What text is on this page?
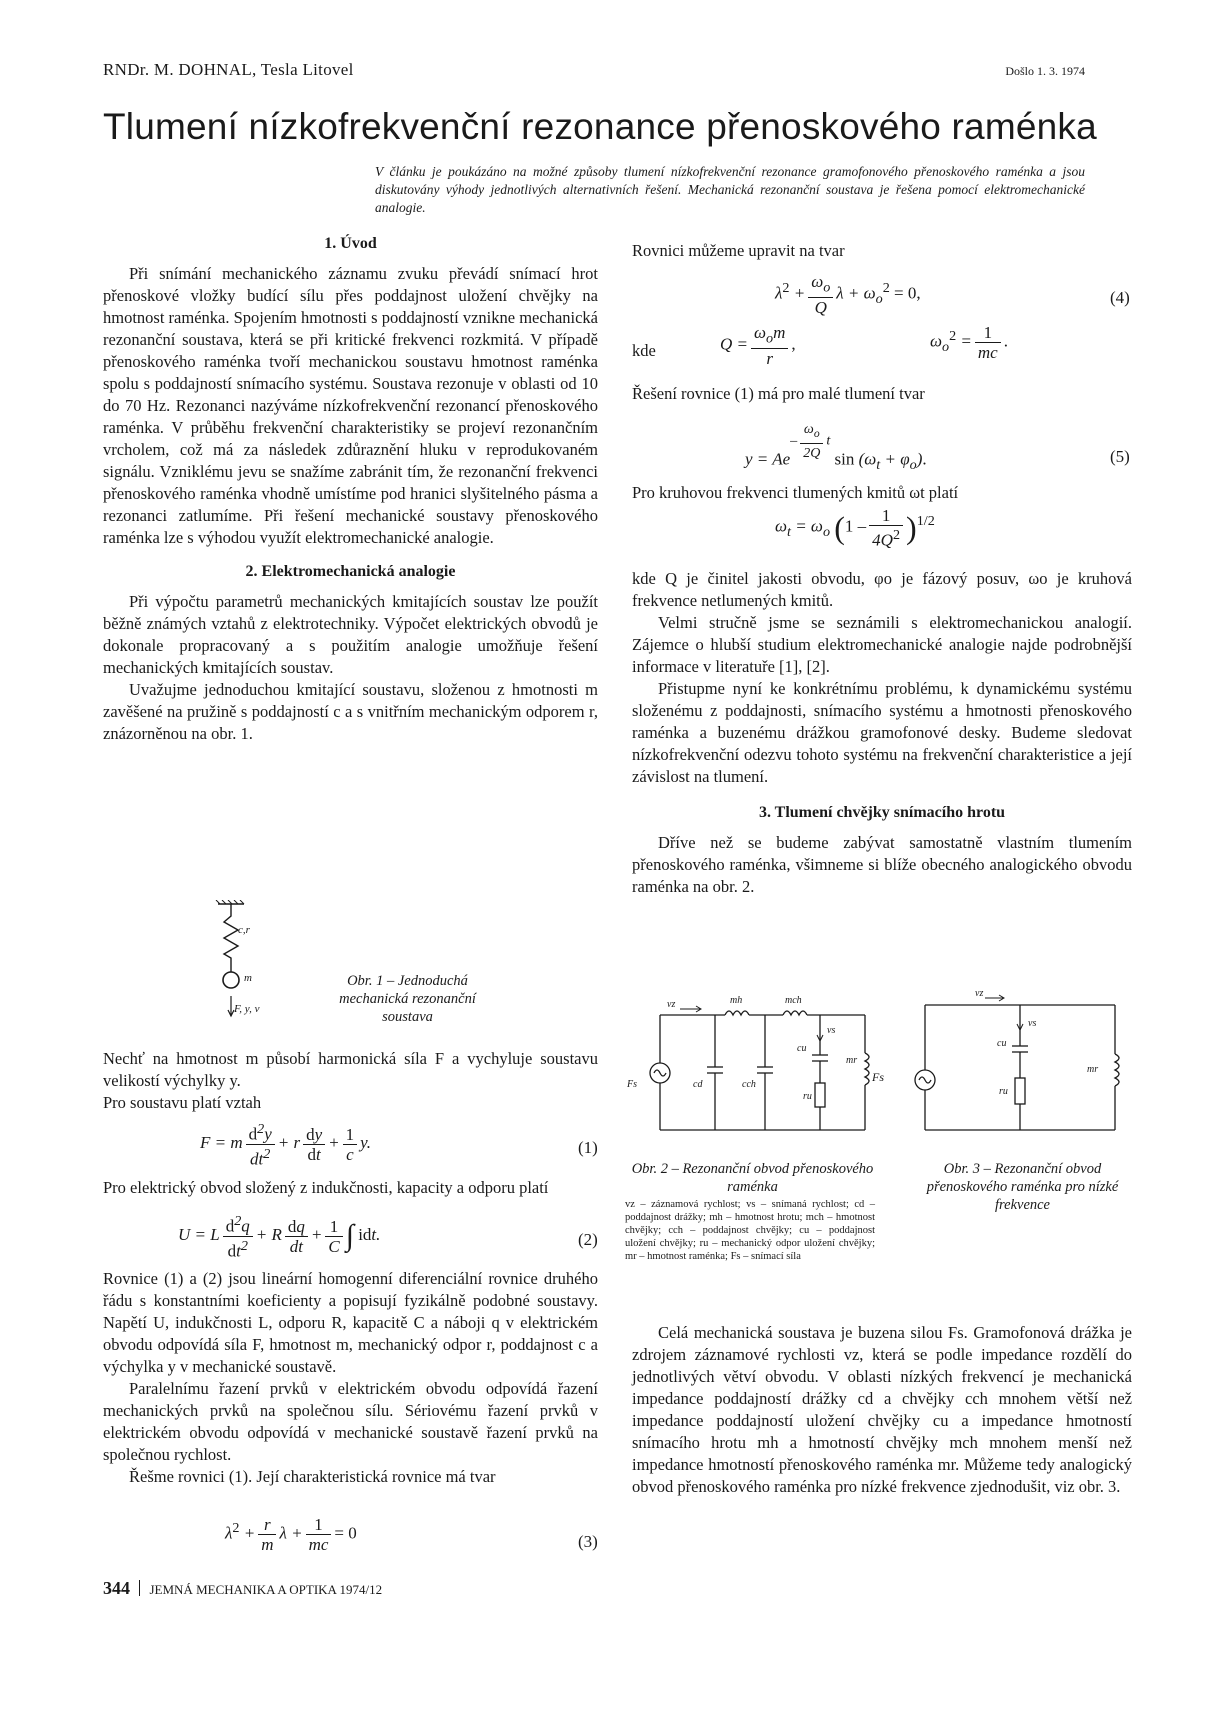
RNDr. M. DOHNAL, Tesla Litovel	Došlo 1. 3. 1974
Tlumení nízkofrekvenční rezonance přenoskového raménka
V článku je poukázáno na možné způsoby tlumení nízkofrekvenční rezonance gramofonového přenoskového raménka a jsou diskutovány výhody jednotlivých alternativních řešení. Mechanická rezonanční soustava je řešena pomocí elektromechanické analogie.
1. Úvod

Při snímání mechanického záznamu zvuku převádí snímací hrot přenoskové vložky budící sílu přes poddajnost uložení chvějky na hmotnost raménka. Spojením hmotnosti s poddajností vznikne mechanická rezonanční soustava, která se při kritické frekvenci rozkmitá. V případě přenoskového raménka tvoří mechanickou soustavu hmotnost raménka spolu s poddajností snímacího systému. Soustava rezonuje v oblasti od 10 do 70 Hz. Rezonanci nazýváme nízkofrekvenční rezonancí přenoskového raménka. V průběhu frekvenční charakteristiky se projeví rezonančním vrcholem, což má za následek zdůraznění hluku v reprodukovaném signálu. Vzniklému jevu se snažíme zabránit tím, že rezonanční frekvenci přenoskového raménka vhodně umístíme pod hranici slyšitelného pásma a rezonanci zatlumíme. Při řešení mechanické soustavy přenoskového raménka lze s výhodou využít elektromechanické analogie.

2. Elektromechanická analogie

Při výpočtu parametrů mechanických kmitajících soustav lze použít běžně známých vztahů z elektrotechniky. Výpočet elektrických obvodů je dokonale propracovaný a s použitím analogie umožňuje řešení mechanických kmitajících soustav.

Uvažujme jednoduchou kmitající soustavu, složenou z hmotnosti m zavěšené na pružině s poddajností c a s vnitřním mechanickým odporem r, znázorněnou na obr. 1.

c,r
m
F, y, v
Obr. 1 – Jednoduchá mechanická rezonanční soustava

Nechť na hmotnost m působí harmonická síla F a vychyluje soustavu velikostí výchylky y.

Pro soustavu platí vztah

F = m $\frac{d^2y}{dt^2} + r \frac{dy}{dt} + \frac{1}{c} y$.	(1)

Pro elektrický obvod složený z indukčnosti, kapacity a odporu platí

U = L $\frac{d^2q}{dt^2} + R \frac{dq}{dt} + \frac{1}{C}$ ∫ idt.	(2)

Rovnice (1) a (2) jsou lineární homogenní diferenciální rovnice druhého řádu s konstantními koeficienty a popisují fyzikálně podobné soustavy. Napětí U, indukčnosti L, odporu R, kapacitě C a náboji q v elektrickém obvodu odpovídá síla F, hmotnost m, mechanický odpor r, poddajnost c a výchylka y v mechanické soustavě.

Paralelnímu řazení prvků v elektrickém obvodu odpovídá řazení mechanických prvků na společnou sílu. Sériovému řazení prvků v elektrickém obvodu odpovídá v mechanické soustavě řazení prvků na společnou rychlost.

Řešme rovnici (1). Její charakteristická rovnice má tvar

$\lambda^2 + \frac{r}{m}$ $\lambda + \frac{1}{mc} = 0$	(3)

Rovnici můžeme upravit na tvar

$\lambda^2 + \frac{\omega_o}{Q}$ $\lambda + \omega_o^2 = 0$,	(4)
kde	$Q = \frac{\omega_om}{r}$ ,	$\omega_o^2 = \frac{1}{mc}$ .

Řešení rovnice (1) má pro malé tlumení tvar

$y = Ae^{- \frac{\omega_o}{2Q} t}$ $\sin (\omega_t + \varphi_o)$.	(5)

Pro kruhovou frekvenci tlumených kmitů ωt platí

$\omega_t = \omega_o$ $(1 - \frac{1}{4Q^2} )^{1/2}$

kde Q je činitel jakosti obvodu, φo je fázový posuv, ωo je kruhová frekvence netlumených kmitů.

Velmi stručně jsme se seznámili s elektromechanickou analogií. Zájemce o hlubší studium elektromechanické analogie najde podrobnější informace v literatuře [1], [2].

Přistupme nyní ke konkrétnímu problému, k dynamickému systému složenému z poddajnosti, snímacího systému a hmotnosti přenoskového raménka a buzenému drážkou gramofonové desky. Budeme sledovat nízkofrekvenční odezvu tohoto systému na frekvenční charakteristice a její závislost na tlumení.

3. Tlumení chvějky snímacího hrotu

Dříve než se budeme zabývat samostatně vlastním tlumením přenoskového raménka, všimneme si blíže obecného analogického obvodu raménka na obr. 2.

vz	mh	mch
vs
cu
mr
Fs	cd	cch
ru
Fs
Obr. 2 – Rezonanční obvod přenoskového raménka
vz – záznamová rychlost; vs – snímaná rychlost; cd – poddajnost drážky; mh – hmotnost hrotu; mch – hmotnost chvějky; cch – poddajnost chvějky; cu – poddajnost uložení chvějky; ru – mechanický odpor uložení chvějky; mr – hmotnost raménka; Fs – snímací síla
vz
vs
cu
mr
ru
Obr. 3 – Rezonanční obvod přenoskového raménka pro nízké frekvence

Celá mechanická soustava je buzena silou Fs. Gramofonová drážka je zdrojem záznamové rychlosti vz, která se podle impedance rozdělí do jednotlivých větví obvodu. V oblasti nízkých frekvencí je mechanická impedance poddajností drážky cd a chvějky cch mnohem větší než impedance poddajností uložení chvějky cu a impedance hmotností snímacího hrotu mh a hmotností chvějky mch mnohem menší než impedance hmotností přenoskového raménka mr. Můžeme tedy analogický obvod přenoskového raménka pro nízké frekvence zjednodušit, viz obr. 3.

344 JEMNÁ MECHANIKA A OPTIKA 1974/12
